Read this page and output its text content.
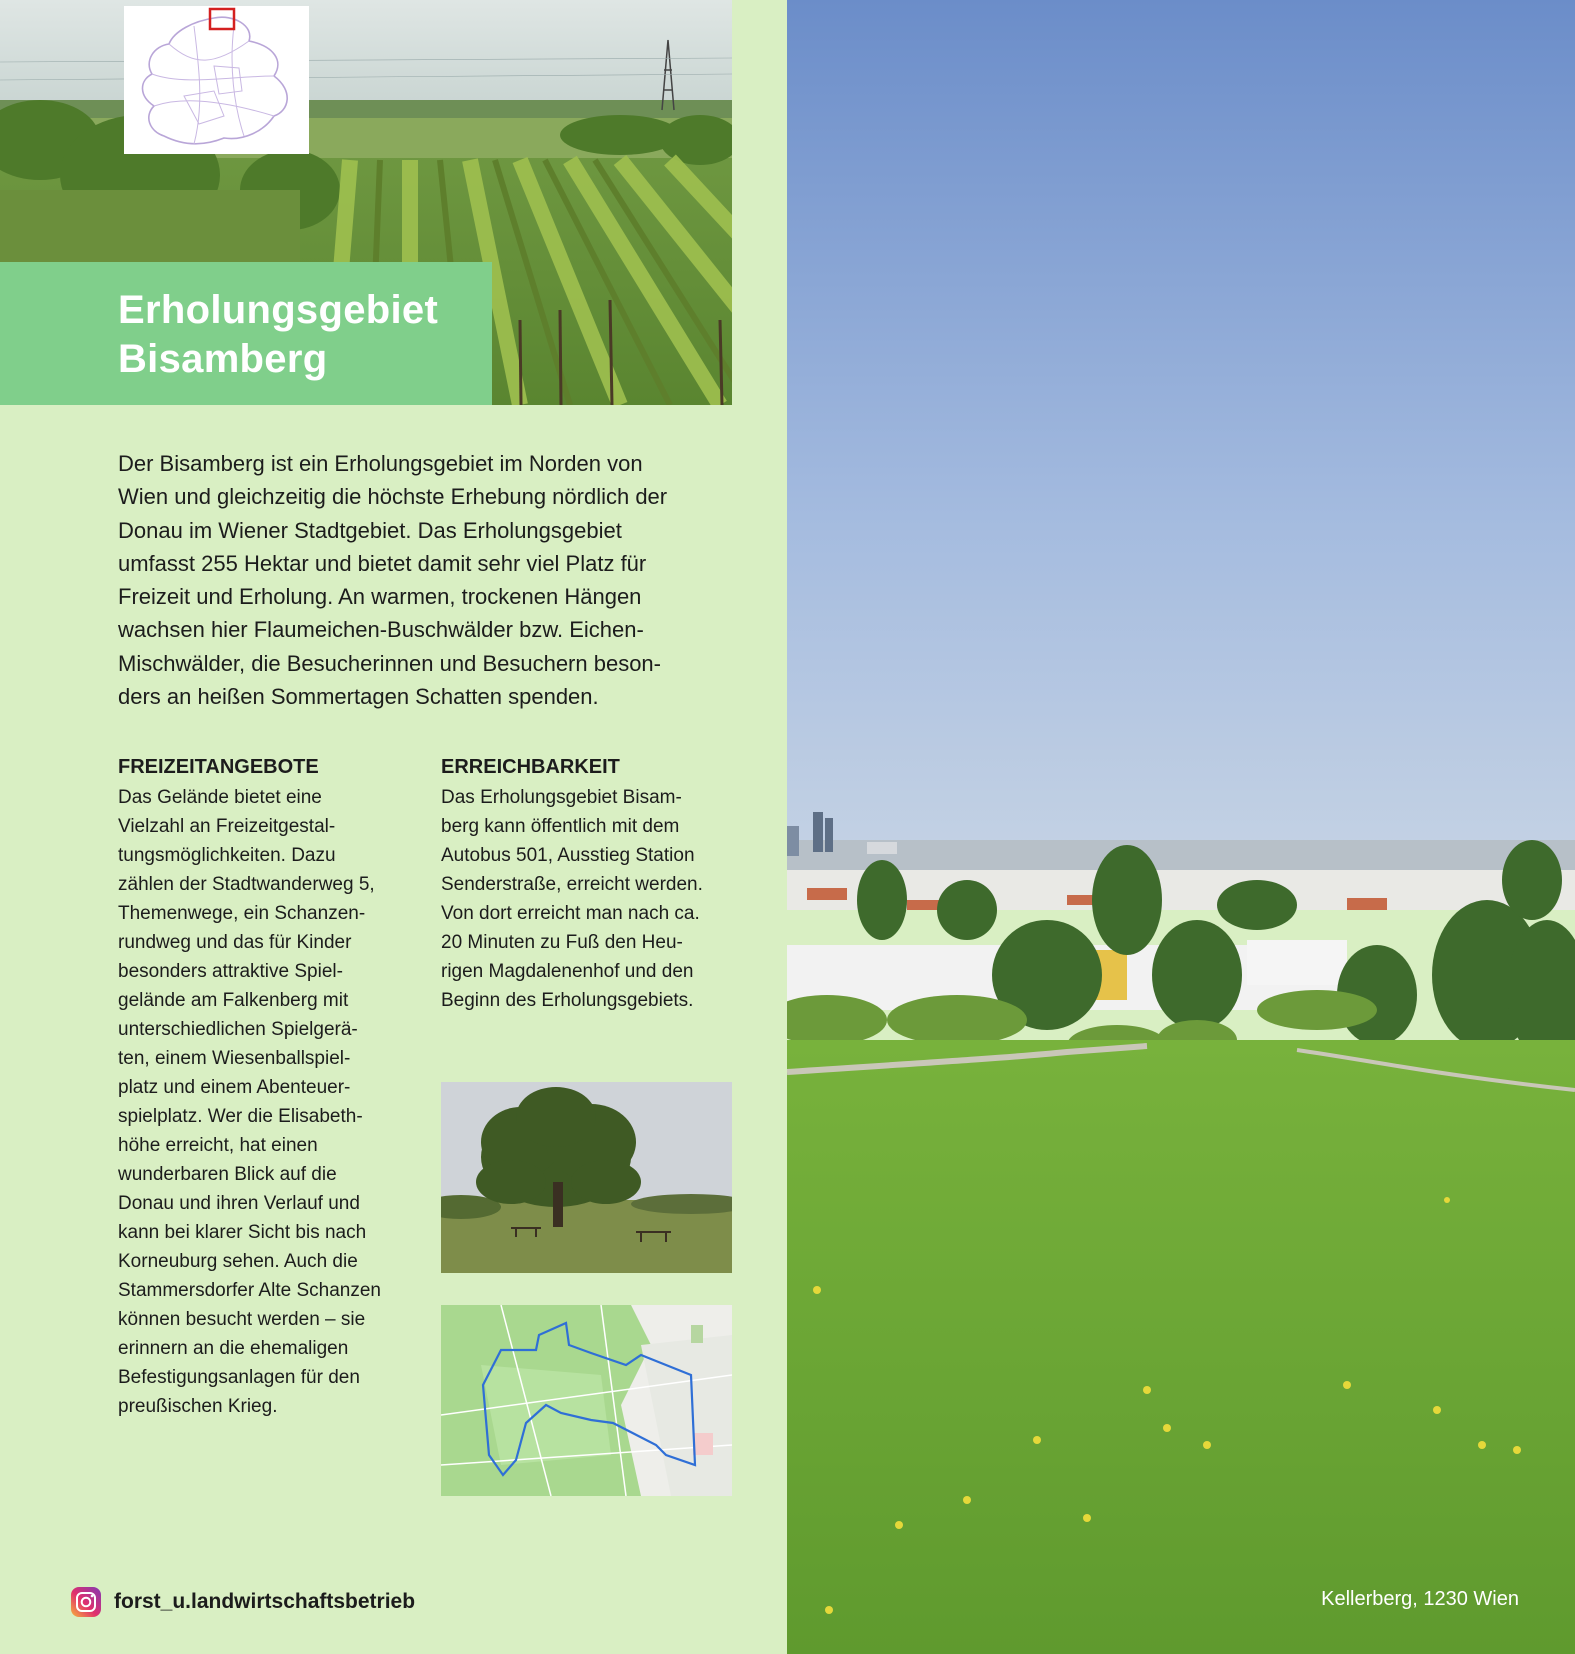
Erholungsgebiet
Bisamberg
Der Bisamberg ist ein Erholungsgebiet im Norden von
Wien und gleichzeitig die höchste Erhebung nördlich der
Donau im Wiener Stadtgebiet. Das Erholungsgebiet
umfasst 255 Hektar und bietet damit sehr viel Platz für
Freizeit und Erholung. An warmen, trockenen Hängen
wachsen hier Flaumeichen-Buschwälder bzw. Eichen-
Mischwälder, die Besucherinnen und Besuchern beson-
ders an heißen Sommertagen Schatten spenden.
FREIZEITANGEBOTE
Das Gelände bietet eine
Vielzahl an Freizeitgestal-
tungsmöglichkeiten. Dazu
zählen der Stadtwanderweg 5,
Themenwege, ein Schanzen-
rundweg und das für Kinder
besonders attraktive Spiel-
gelände am Falkenberg mit
unterschiedlichen Spielgerä-
ten, einem Wiesenballspiel-
platz und einem Abenteuer-
spielplatz. Wer die Elisabeth-
höhe erreicht, hat einen
wunderbaren Blick auf die
Donau und ihren Verlauf und
kann bei klarer Sicht bis nach
Korneuburg sehen. Auch die
Stammersdorfer Alte Schanzen
können besucht werden – sie
erinnern an die ehemaligen
Befestigungsanlagen für den
preußischen Krieg.
ERREICHBARKEIT
Das Erholungsgebiet Bisam-
berg kann öffentlich mit dem
Autobus 501, Ausstieg Station
Senderstraße, erreicht werden.
Von dort erreicht man nach ca.
20 Minuten zu Fuß den Heu-
rigen Magdalenenhof und den
Beginn des Erholungsgebiets.
forst_u.landwirtschaftsbetrieb	Kellerberg, 1230 Wien
